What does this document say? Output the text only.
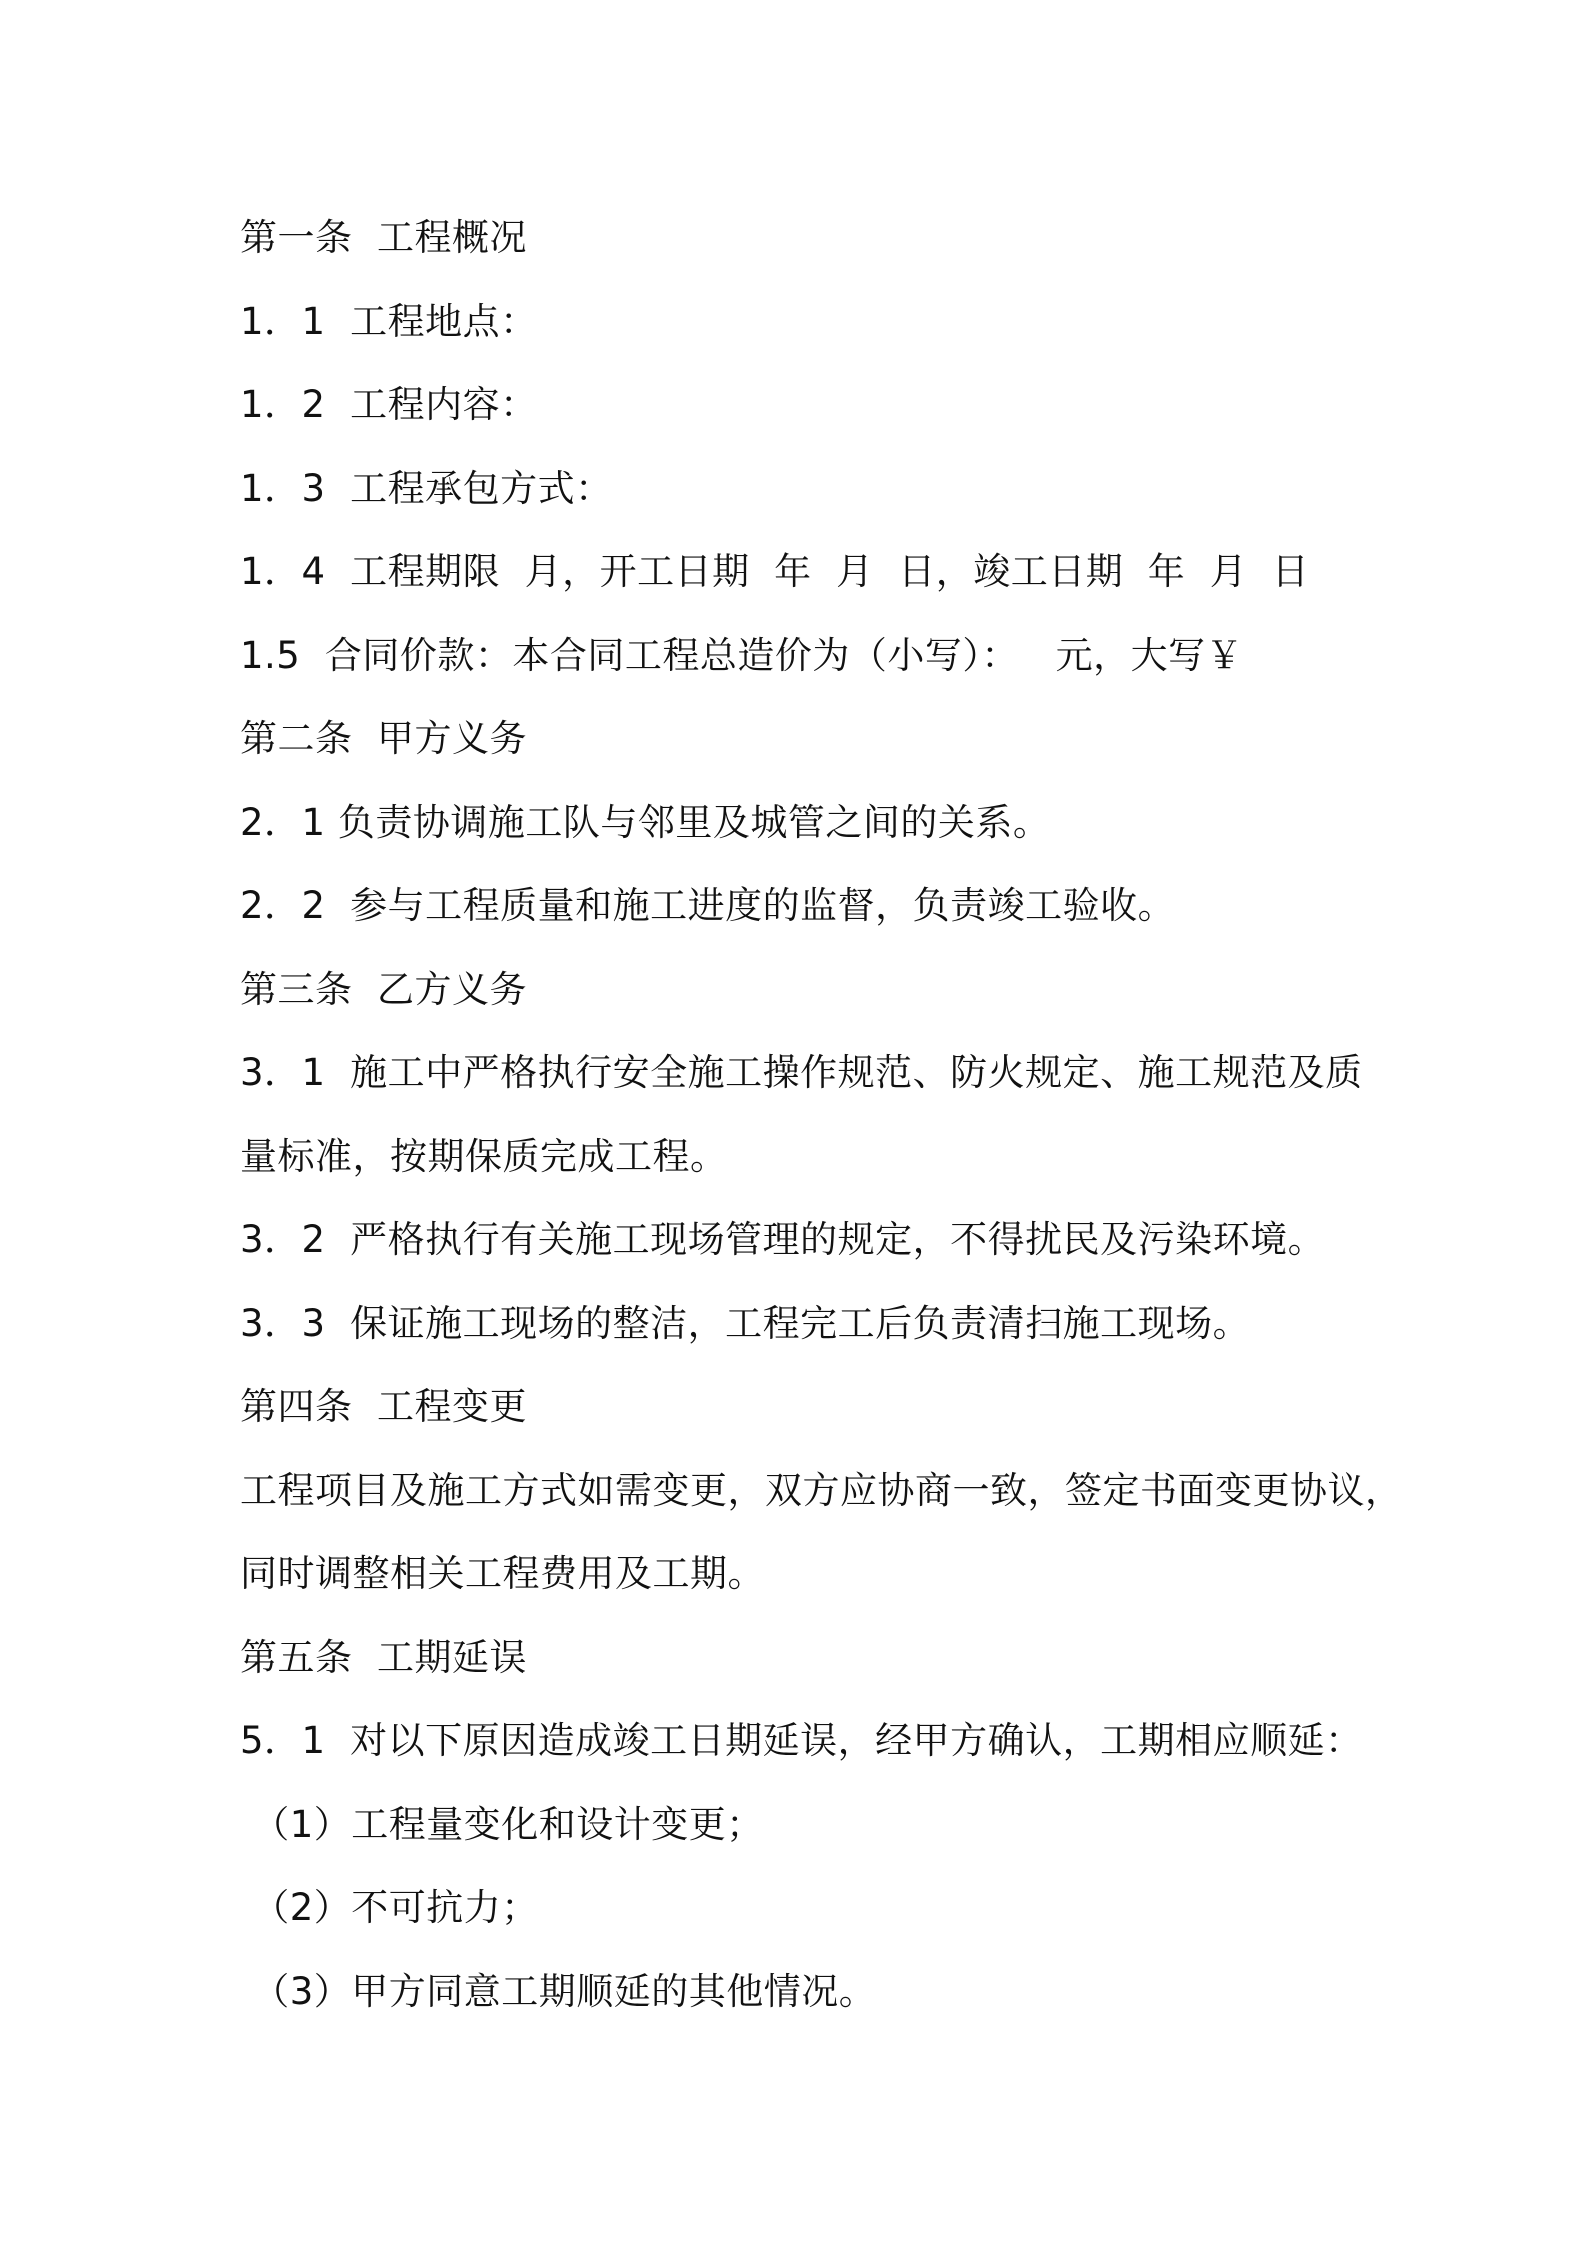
第一条  工程概况
1．1  工程地点：
1．2  工程内容：
1．3  工程承包方式：
1．4  工程期限  月，开工日期  年  月  日，竣工日期  年  月  日
1.5  合同价款：本合同工程总造价为（小写）：   元，大写￥
第二条  甲方义务
2．1 负责协调施工队与邻里及城管之间的关系。
2．2  参与工程质量和施工进度的监督，负责竣工验收。
第三条  乙方义务
3．1  施工中严格执行安全施工操作规范、防火规定、施工规范及质
量标准，按期保质完成工程。
3．2  严格执行有关施工现场管理的规定，不得扰民及污染环境。
3．3  保证施工现场的整洁，工程完工后负责清扫施工现场。
第四条  工程变更
工程项目及施工方式如需变更，双方应协商一致，签定书面变更协议，
同时调整相关工程费用及工期。
第五条  工期延误
5．1  对以下原因造成竣工日期延误，经甲方确认，工期相应顺延：
（1）工程量变化和设计变更；
（2）不可抗力；
（3）甲方同意工期顺延的其他情况。
